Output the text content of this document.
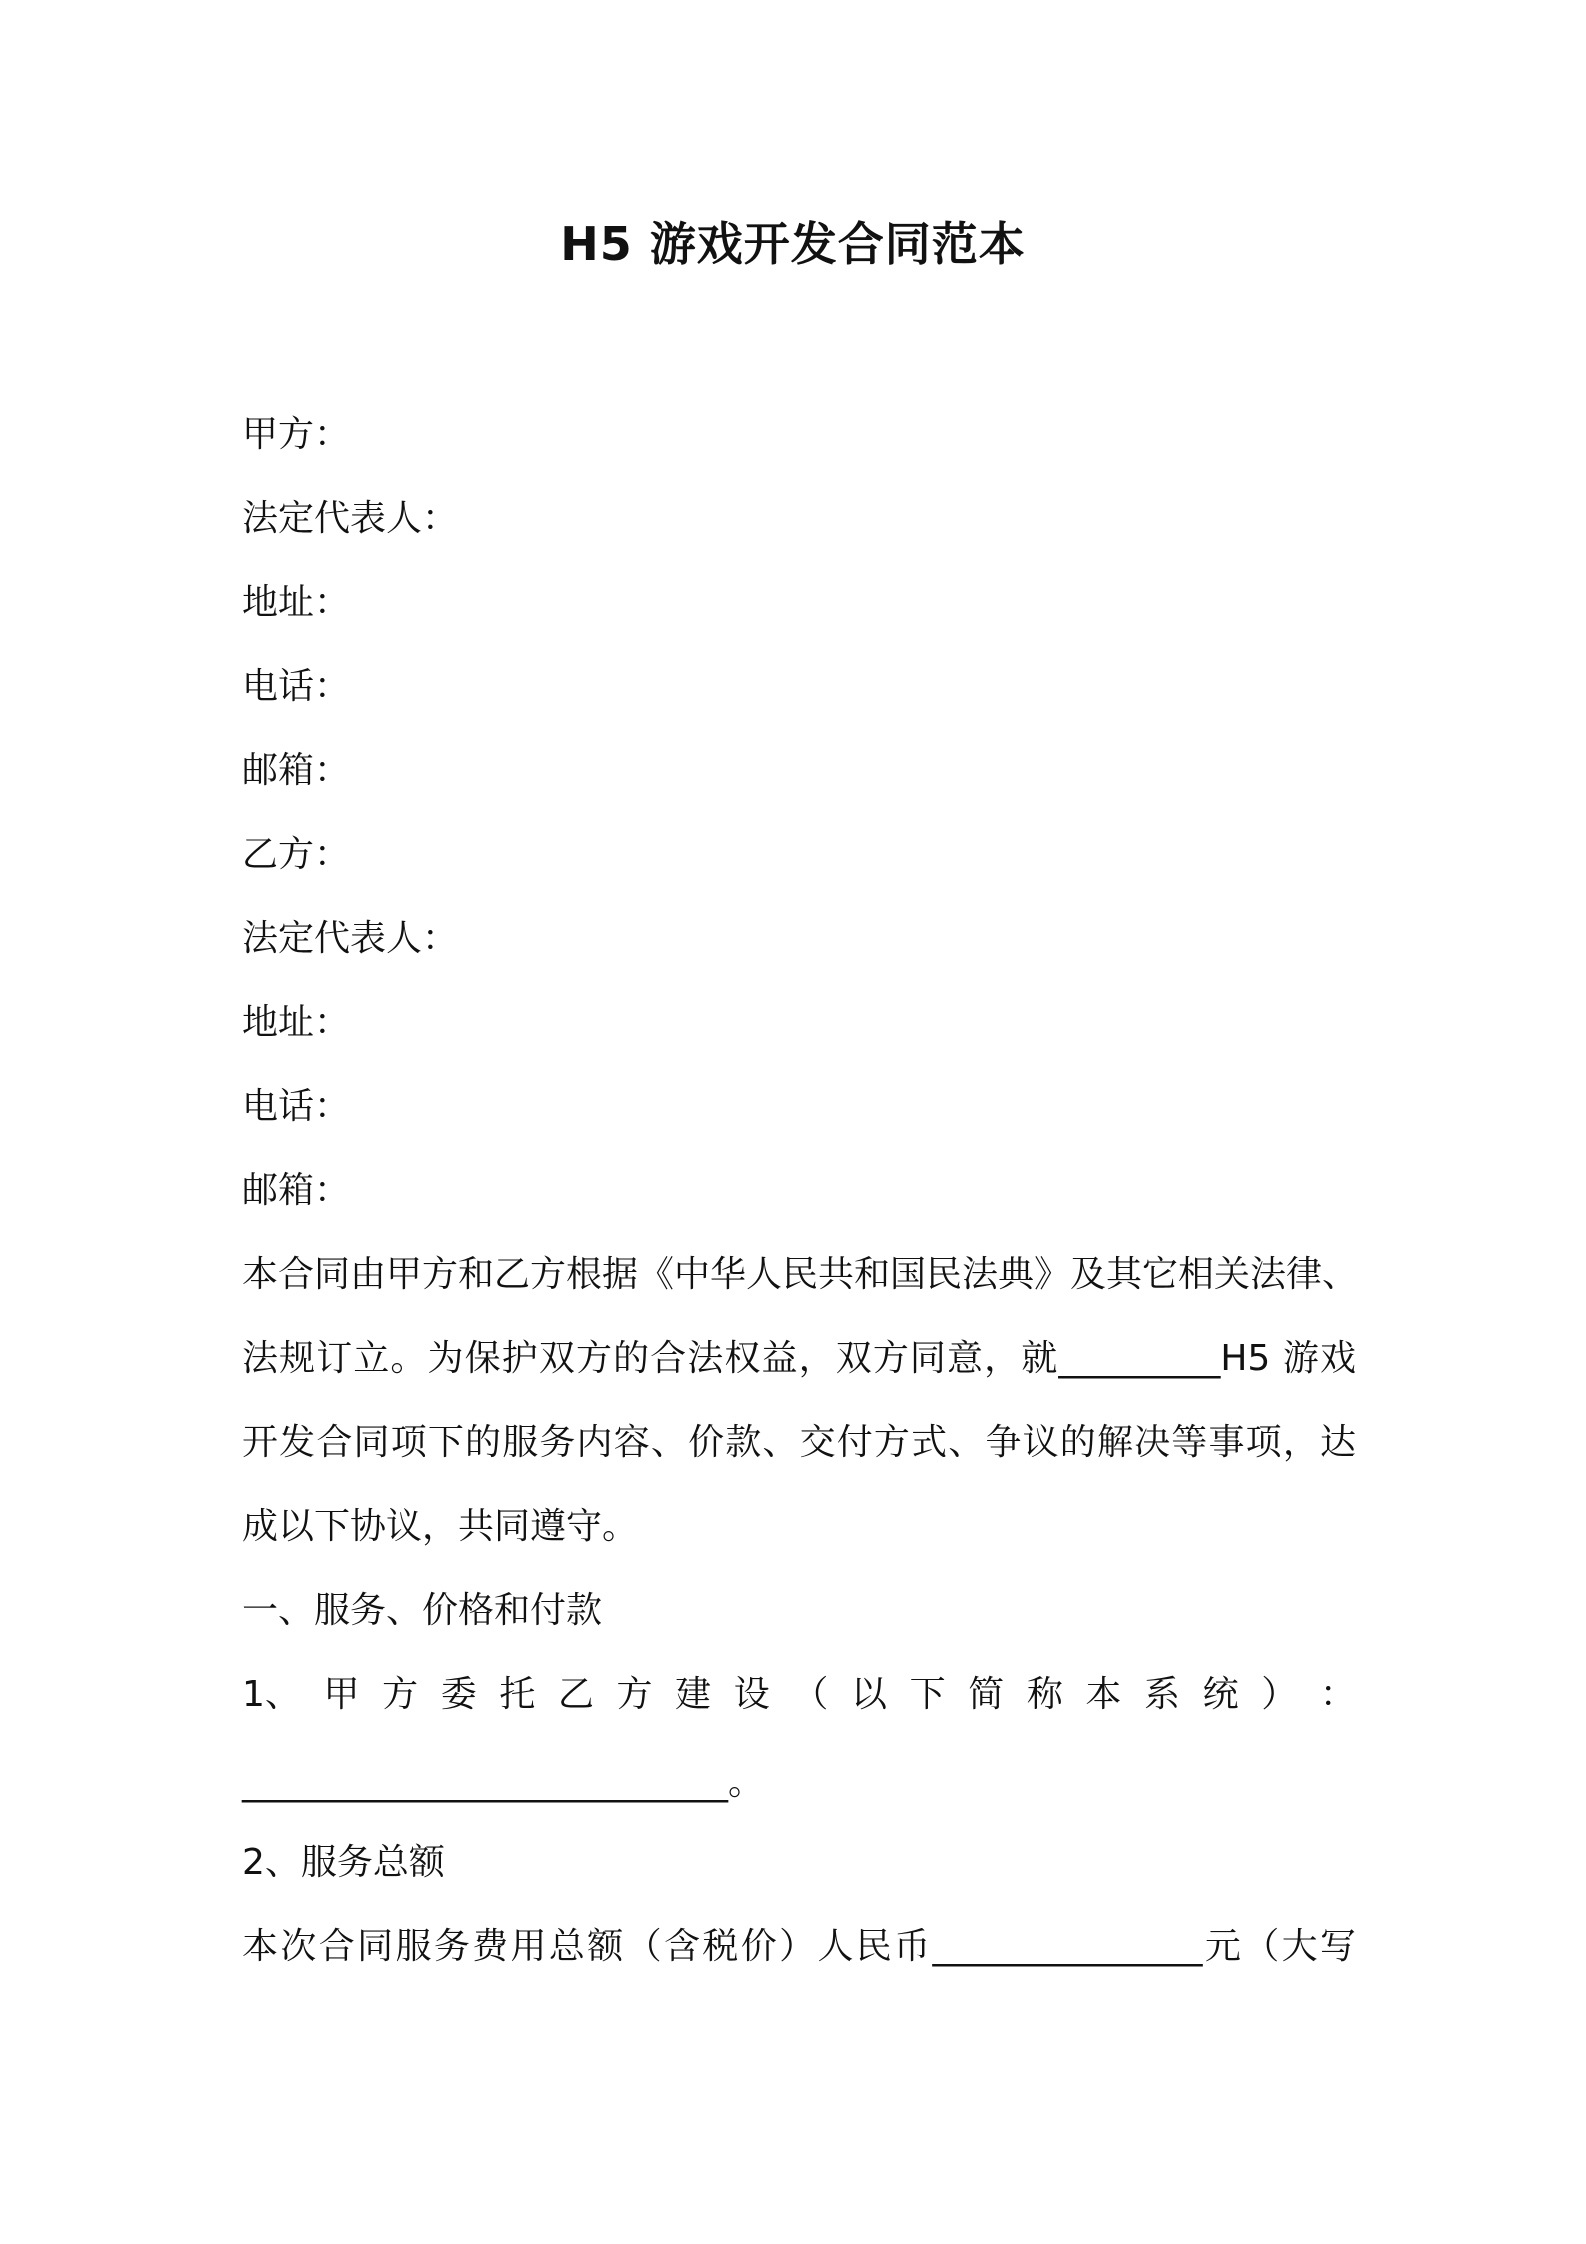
H5 游戏开发合同范本
甲方：
法定代表人：
地址：
电话：
邮箱：
乙方：
法定代表人：
地址：
电话：
邮箱：
本合同由甲方和乙方根据《中华人民共和国民法典》及其它相关法律、
法规订立。为保护双方的合法权益，双方同意，就_________H5 游戏
开发合同项下的服务内容、价款、交付方式、争议的解决等事项，达
成以下协议，共同遵守。
一、服务、价格和付款
1、 甲 方 委 托 乙 方 建 设 （ 以 下 简 称 本 系 统 ） ：
___________________________。
2、服务总额
本次合同服务费用总额（含税价）人民币_______________元（大写
